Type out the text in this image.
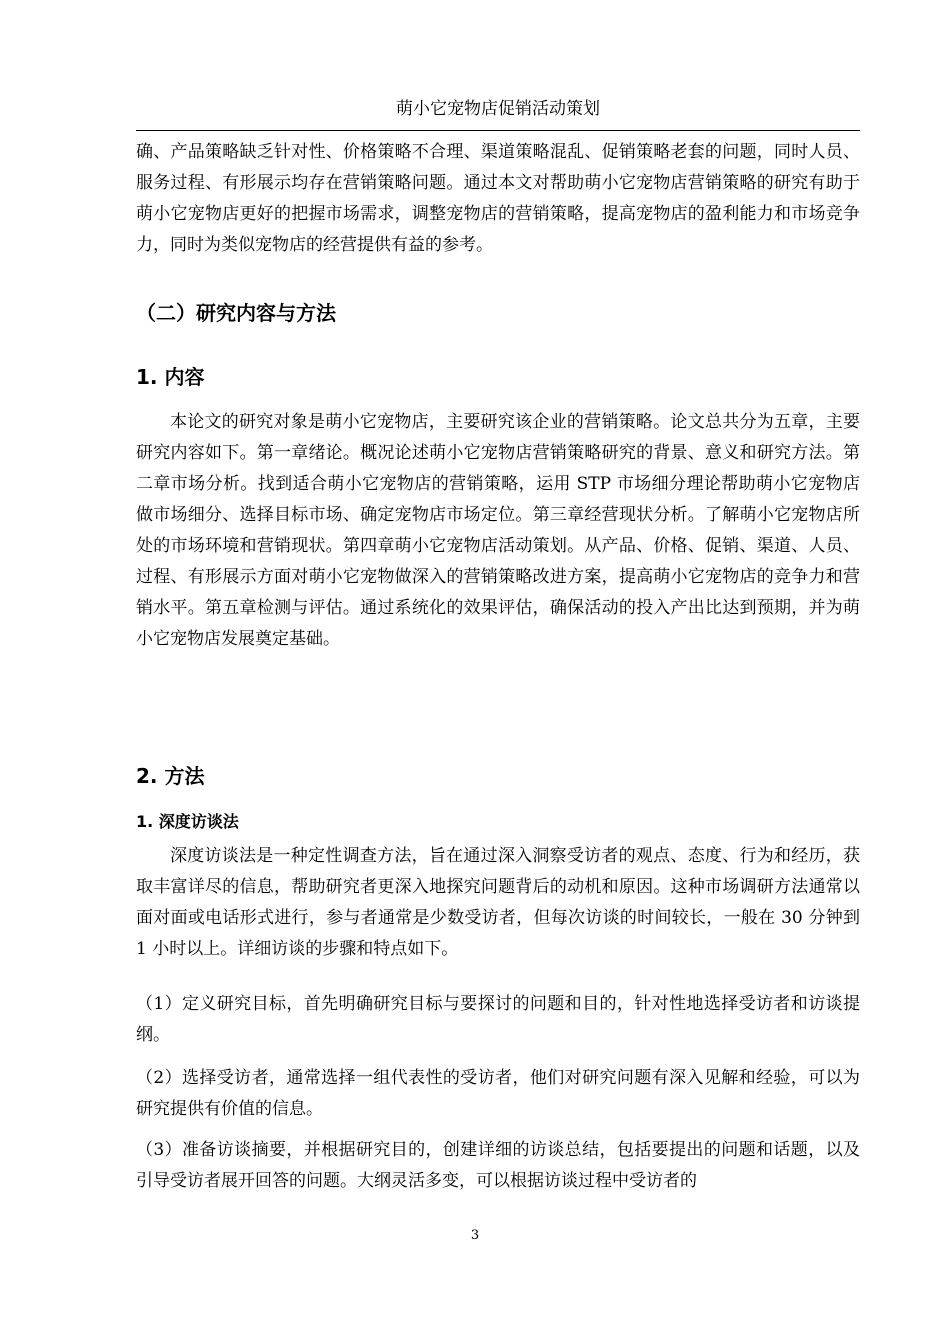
萌小它宠物店促销活动策划

确、产品策略缺乏针对性、价格策略不合理、渠道策略混乱、促销策略老套的问题，同时人员、服务过程、有形展示均存在营销策略问题。通过本文对帮助萌小它宠物店营销策略的研究有助于萌小它宠物店更好的把握市场需求，调整宠物店的营销策略，提高宠物店的盈利能力和市场竞争力，同时为类似宠物店的经营提供有益的参考。

（二）研究内容与方法
1. 内容

本论文的研究对象是萌小它宠物店，主要研究该企业的营销策略。论文总共分为五章，主要研究内容如下。第一章绪论。概况论述萌小它宠物店营销策略研究的背景、意义和研究方法。第二章市场分析。找到适合萌小它宠物店的营销策略，运用 STP 市场细分理论帮助萌小它宠物店做市场细分、选择目标市场、确定宠物店市场定位。第三章经营现状分析。了解萌小它宠物店所处的市场环境和营销现状。第四章萌小它宠物店活动策划。从产品、价格、促销、渠道、人员、过程、有形展示方面对萌小它宠物做深入的营销策略改进方案，提高萌小它宠物店的竞争力和营销水平。第五章检测与评估。通过系统化的效果评估，确保活动的投入产出比达到预期，并为萌小它宠物店发展奠定基础。

2. 方法
1. 深度访谈法

深度访谈法是一种定性调查方法，旨在通过深入洞察受访者的观点、态度、行为和经历，获取丰富详尽的信息，帮助研究者更深入地探究问题背后的动机和原因。这种市场调研方法通常以面对面或电话形式进行，参与者通常是少数受访者，但每次访谈的时间较长，一般在 30 分钟到 1 小时以上。详细访谈的步骤和特点如下。

（1）定义研究目标，首先明确研究目标与要探讨的问题和目的，针对性地选择受访者和访谈提纲。

（2）选择受访者，通常选择一组代表性的受访者，他们对研究问题有深入见解和经验，可以为研究提供有价值的信息。

（3）准备访谈摘要，并根据研究目的，创建详细的访谈总结，包括要提出的问题和话题，以及引导受访者展开回答的问题。大纲灵活多变，可以根据访谈过程中受访者的

3
